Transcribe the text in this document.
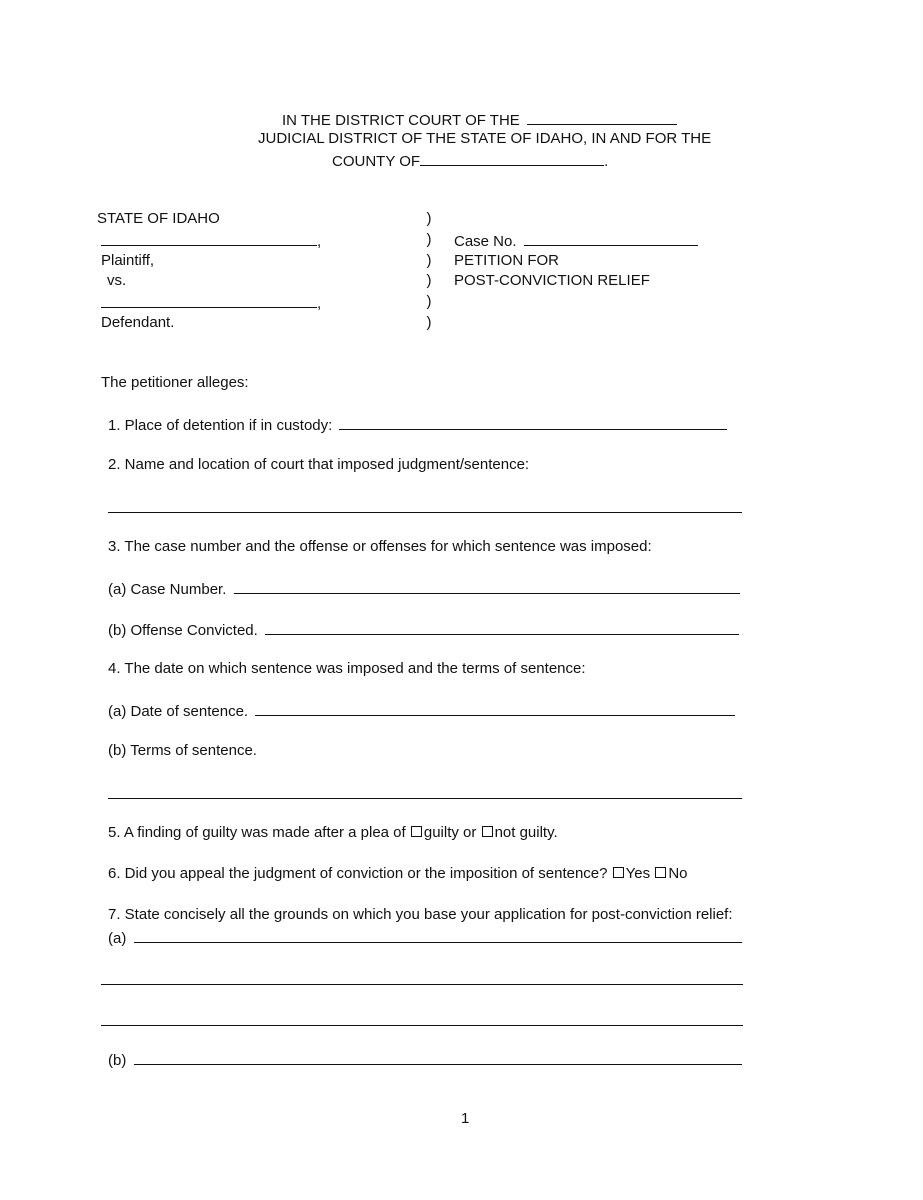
IN THE DISTRICT COURT OF THE
JUDICIAL DISTRICT OF THE STATE OF IDAHO, IN AND FOR THE
COUNTY OF	.
STATE OF IDAHO
,
Plaintiff,
vs.
,
Defendant.
)
)
)
)
)
)
Case No.
PETITION FOR
POST-CONVICTION RELIEF
The petitioner alleges:
1. Place of detention if in custody:
2. Name and location of court that imposed judgment/sentence:
3. The case number and the offense or offenses for which sentence was imposed:
(a) Case Number.
(b) Offense Convicted.
4. The date on which sentence was imposed and the terms of sentence:
(a) Date of sentence.
(b) Terms of sentence.
5. A finding of guilty was made after a plea of guilty or not guilty.
6. Did you appeal the judgment of conviction or the imposition of sentence? Yes No
7. State concisely all the grounds on which you base your application for post-conviction relief:
(a)
(b)
1
